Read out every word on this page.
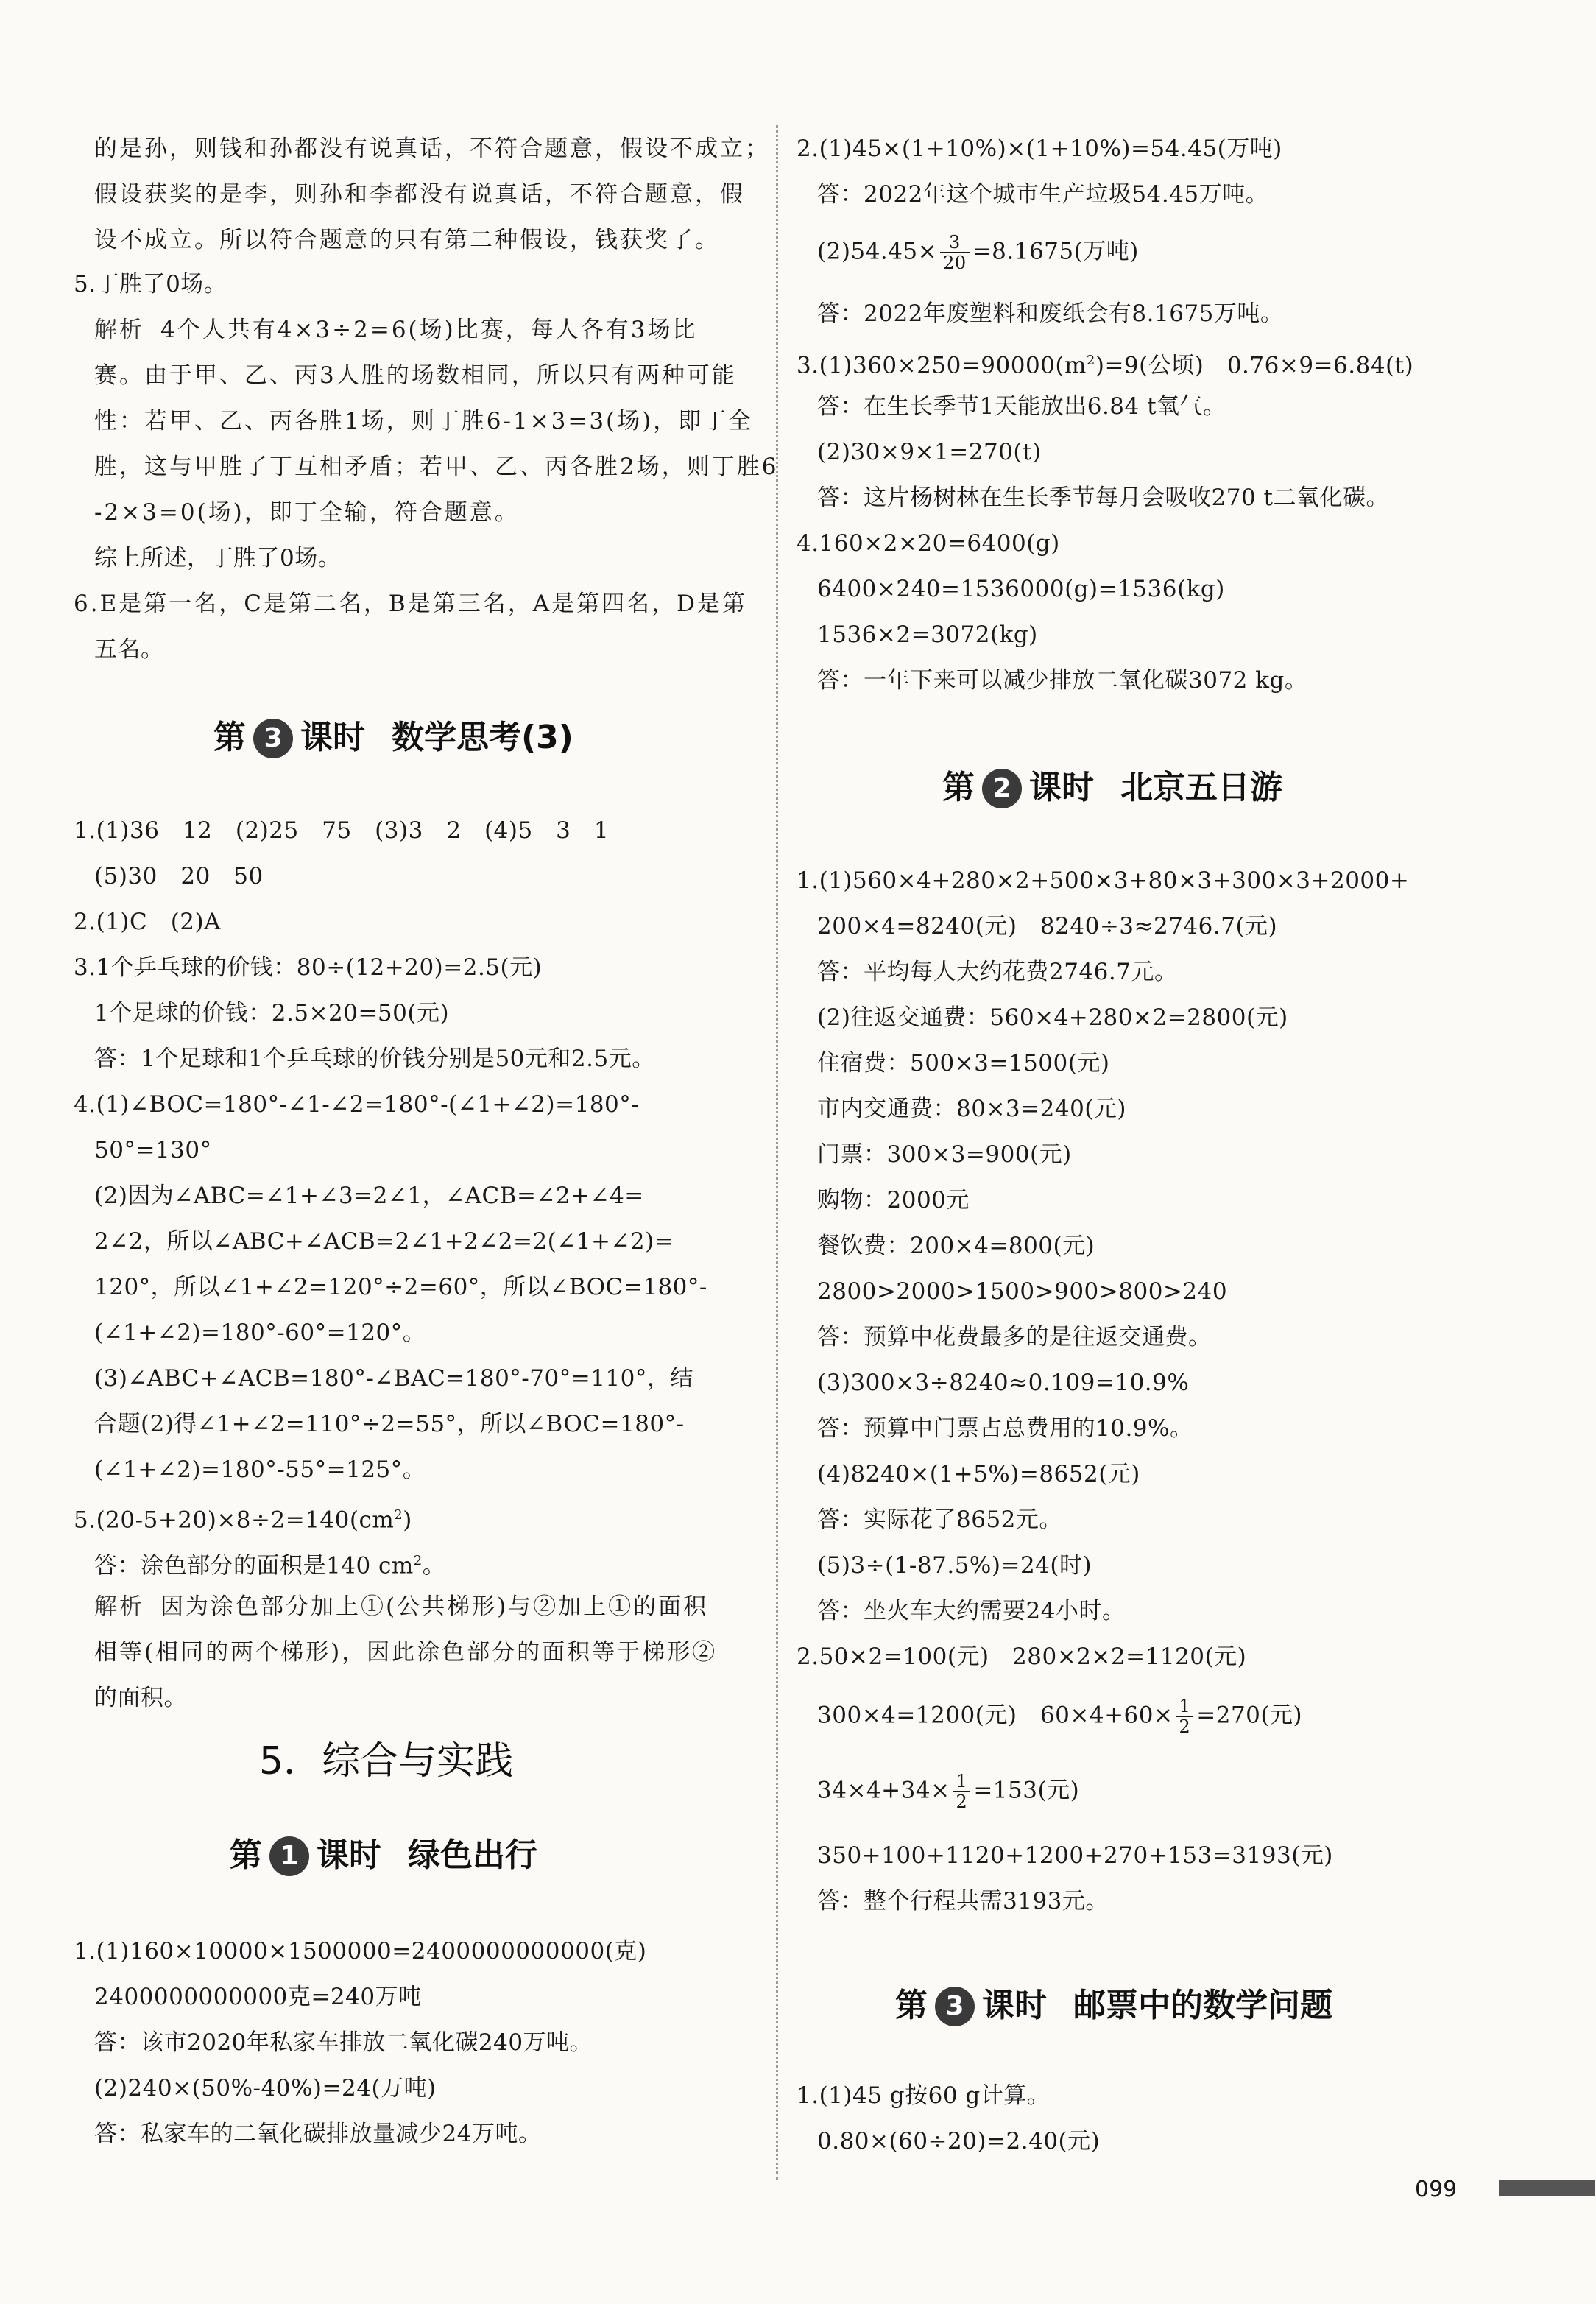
的是孙，则钱和孙都没有说真话，不符合题意，假设不成立；
假设获奖的是李，则孙和李都没有说真话，不符合题意，假
设不成立。所以符合题意的只有第二种假设，钱获奖了。
5.丁胜了0场。
解析 4个人共有4×3÷2=6(场)比赛，每人各有3场比
赛。由于甲、乙、丙3人胜的场数相同，所以只有两种可能
性：若甲、乙、丙各胜1场，则丁胜6-1×3=3(场)，即丁全
胜，这与甲胜了丁互相矛盾；若甲、乙、丙各胜2场，则丁胜6
-2×3=0(场)，即丁全输，符合题意。
综上所述，丁胜了0场。
6.E是第一名，C是第二名，B是第三名，A是第四名，D是第
五名。
第 3 课时 数学思考(3)
1.(1)36　12　(2)25　75　(3)3　2　(4)5　3　1
(5)30　20　50
2.(1)C　(2)A
3.1个乒乓球的价钱：80÷(12+20)=2.5(元)
1个足球的价钱：2.5×20=50(元)
答：1个足球和1个乒乓球的价钱分别是50元和2.5元。
4.(1)∠BOC=180°-∠1-∠2=180°-(∠1+∠2)=180°-
50°=130°
(2)因为∠ABC=∠1+∠3=2∠1，∠ACB=∠2+∠4=
2∠2，所以∠ABC+∠ACB=2∠1+2∠2=2(∠1+∠2)=
120°，所以∠1+∠2=120°÷2=60°，所以∠BOC=180°-
(∠1+∠2)=180°-60°=120°。
(3)∠ABC+∠ACB=180°-∠BAC=180°-70°=110°，结
合题(2)得∠1+∠2=110°÷2=55°，所以∠BOC=180°-
(∠1+∠2)=180°-55°=125°。
$5.(20-5+20)\times 8\div 2=140(cm^2)$
答：涂色部分的面积是140 $cm^2$。
解析 因为涂色部分加上①(公共梯形)与②加上①的面积
相等(相同的两个梯形)，因此涂色部分的面积等于梯形②
的面积。
5．综合与实践
第 1 课时 绿色出行
1.(1)160×10000×1500000=2400000000000(克)
2400000000000克=240万吨
答：该市2020年私家车排放二氧化碳240万吨。
(2)240×(50%-40%)=24(万吨)
答：私家车的二氧化碳排放量减少24万吨。
2.(1)45×(1+10%)×(1+10%)=54.45(万吨)
答：2022年这个城市生产垃圾54.45万吨。
$(2)54.45\times \frac{3}{20} =8.1675$(万吨)
答：2022年废塑料和废纸会有8.1675万吨。
$3.(1)360\times 250=90000(m^2)=9$(公顷)　0.76×9=6.84(t)
答：在生长季节1天能放出6.84 t氧气。
(2)30×9×1=270(t)
答：这片杨树林在生长季节每月会吸收270 t二氧化碳。
4.160×2×20=6400(g)
6400×240=1536000(g)=1536(kg)
1536×2=3072(kg)
答：一年下来可以减少排放二氧化碳3072 kg。
第 2 课时 北京五日游
1.(1)560×4+280×2+500×3+80×3+300×3+2000+
200×4=8240(元)　8240÷3≈2746.7(元)
答：平均每人大约花费2746.7元。
(2)往返交通费：560×4+280×2=2800(元)
住宿费：500×3=1500(元)
市内交通费：80×3=240(元)
门票：300×3=900(元)
购物：2000元
餐饮费：200×4=800(元)
2800>2000>1500>900>800>240
答：预算中花费最多的是往返交通费。
(3)300×3÷8240≈0.109=10.9%
答：预算中门票占总费用的10.9%。
(4)8240×(1+5%)=8652(元)
答：实际花了8652元。
(5)3÷(1-87.5%)=24(时)
答：坐火车大约需要24小时。
2.50×2=100(元)　280×2×2=1120(元)
300×4=1200(元)　$60\times 4+60\times \frac{1}{2} =270$(元)
$34\times 4+34\times \frac{1}{2} =153$(元)
350+100+1120+1200+270+153=3193(元)
答：整个行程共需3193元。
第 3 课时 邮票中的数学问题
1.(1)45 g按60 g计算。
0.80×(60÷20)=2.40(元)
099
